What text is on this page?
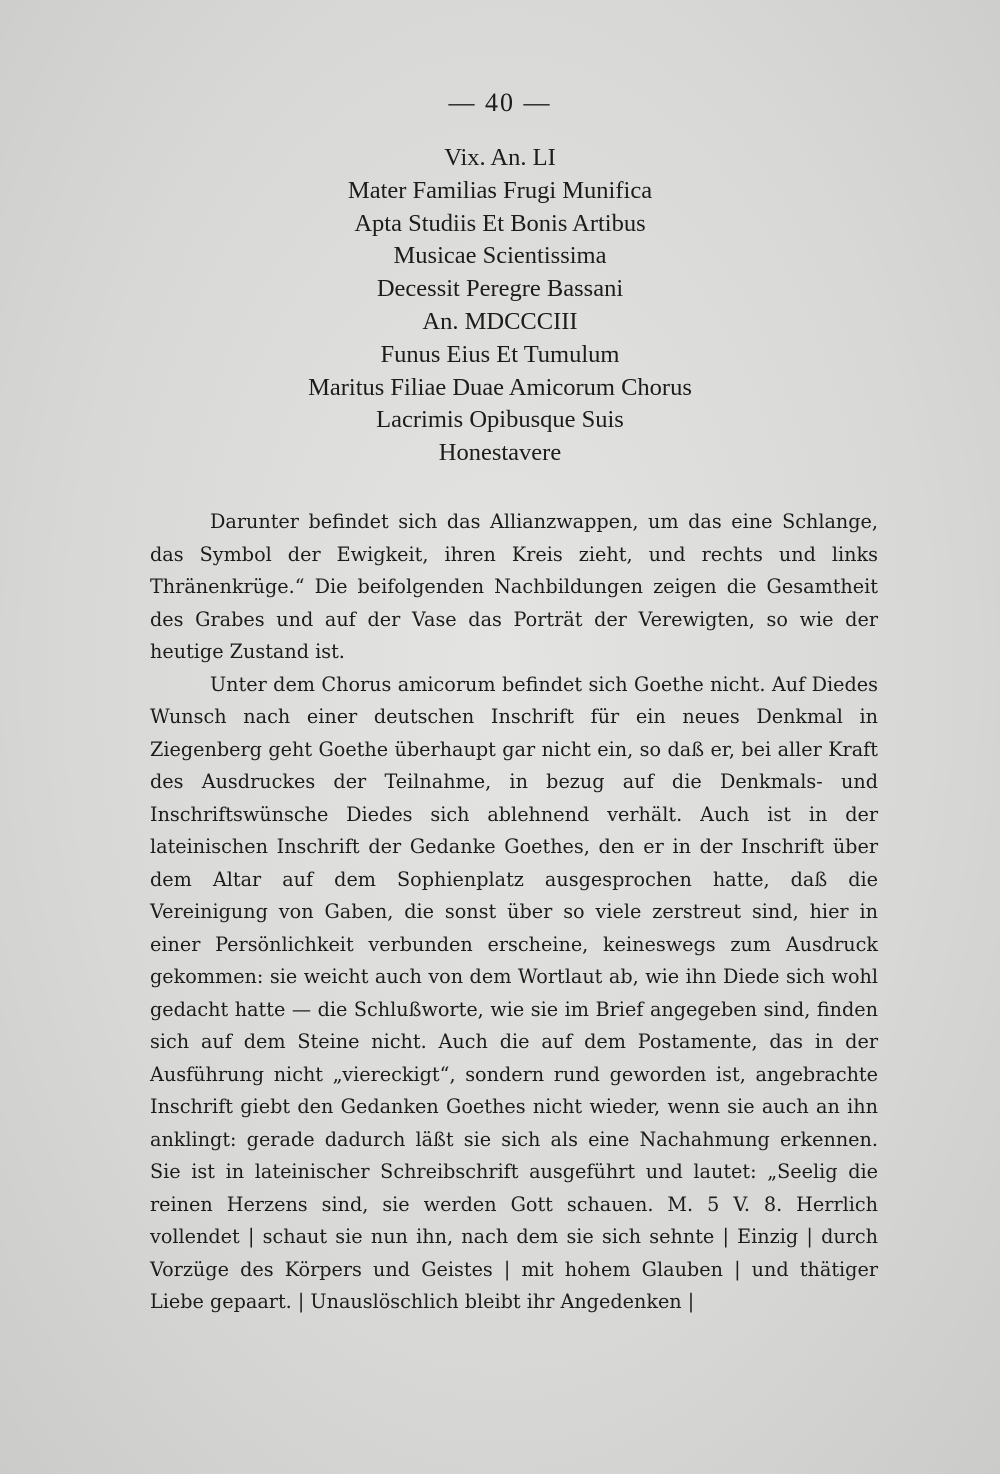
— 40 —
Vix. An. LI
Mater Familias Frugi Munifica
Apta Studiis Et Bonis Artibus
Musicae Scientissima
Decessit Peregre Bassani
An. MDCCCIII
Funus Eius Et Tumulum
Maritus Filiae Duae Amicorum Chorus
Lacrimis Opibusque Suis
Honestavere

Darunter befindet sich das Allianzwappen, um das eine Schlange, das Symbol der Ewigkeit, ihren Kreis zieht, und rechts und links Thränenkrüge.“ Die beifolgenden Nachbildungen zeigen die Gesamtheit des Grabes und auf der Vase das Porträt der Verewigten, so wie der heutige Zustand ist.

Unter dem Chorus amicorum befindet sich Goethe nicht. Auf Diedes Wunsch nach einer deutschen Inschrift für ein neues Denkmal in Ziegenberg geht Goethe überhaupt gar nicht ein, so daß er, bei aller Kraft des Ausdruckes der Teilnahme, in bezug auf die Denkmals- und Inschriftswünsche Diedes sich ablehnend verhält. Auch ist in der lateinischen Inschrift der Gedanke Goethes, den er in der Inschrift über dem Altar auf dem Sophienplatz ausgesprochen hatte, daß die Vereinigung von Gaben, die sonst über so viele zerstreut sind, hier in einer Persönlichkeit verbunden erscheine, keineswegs zum Ausdruck gekommen: sie weicht auch von dem Wortlaut ab, wie ihn Diede sich wohl gedacht hatte — die Schlußworte, wie sie im Brief angegeben sind, finden sich auf dem Steine nicht. Auch die auf dem Postamente, das in der Ausführung nicht „viereckigt“, sondern rund geworden ist, angebrachte Inschrift giebt den Gedanken Goethes nicht wieder, wenn sie auch an ihn anklingt: gerade dadurch läßt sie sich als eine Nachahmung erkennen. Sie ist in lateinischer Schreibschrift ausgeführt und lautet: „Seelig die reinen Herzens sind, sie werden Gott schauen. M. 5 V. 8. Herrlich vollendet | schaut sie nun ihn, nach dem sie sich sehnte | Einzig | durch Vorzüge des Körpers und Geistes | mit hohem Glauben | und thätiger Liebe gepaart. | Unauslöschlich bleibt ihr Angedenken |
